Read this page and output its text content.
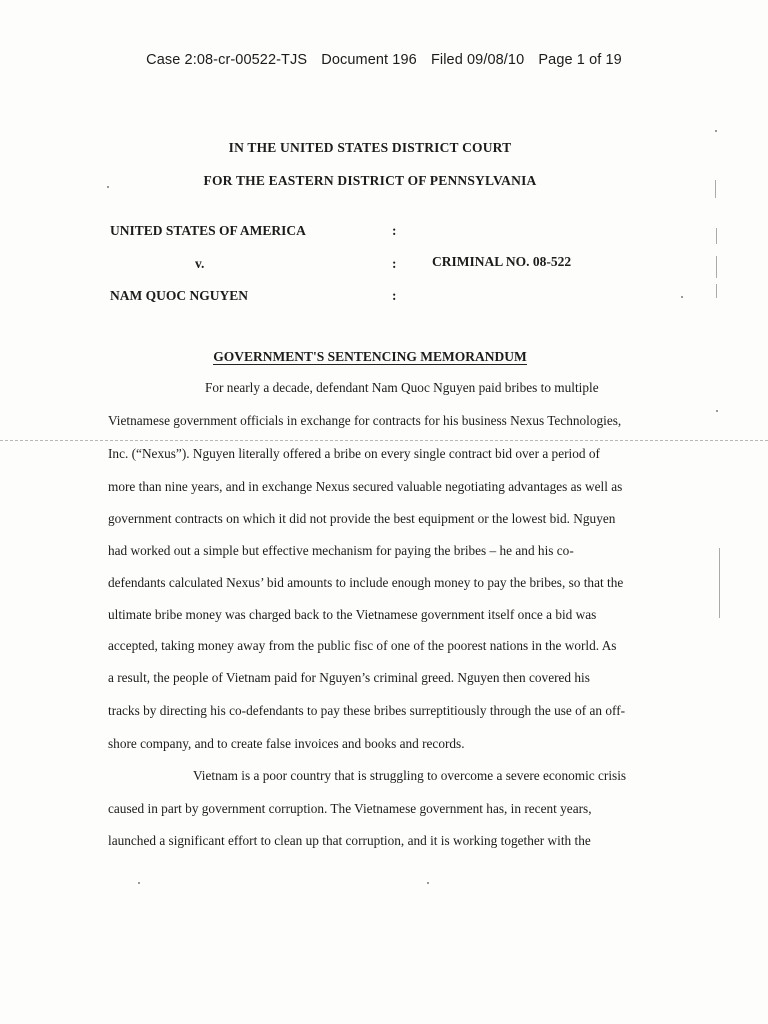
Case 2:08-cr-00522-TJS Document 196 Filed 09/08/10 Page 1 of 19
IN THE UNITED STATES DISTRICT COURT
FOR THE EASTERN DISTRICT OF PENNSYLVANIA
UNITED STATES OF AMERICA
v.
NAM QUOC NGUYEN
:
:
:
CRIMINAL NO. 08-522
GOVERNMENT'S SENTENCING MEMORANDUM
For nearly a decade, defendant Nam Quoc Nguyen paid bribes to multiple
Vietnamese government officials in exchange for contracts for his business Nexus Technologies,
Inc. (“Nexus”). Nguyen literally offered a bribe on every single contract bid over a period of
more than nine years, and in exchange Nexus secured valuable negotiating advantages as well as
government contracts on which it did not provide the best equipment or the lowest bid. Nguyen
had worked out a simple but effective mechanism for paying the bribes – he and his co-
defendants calculated Nexus’ bid amounts to include enough money to pay the bribes, so that the
ultimate bribe money was charged back to the Vietnamese government itself once a bid was
accepted, taking money away from the public fisc of one of the poorest nations in the world. As
a result, the people of Vietnam paid for Nguyen’s criminal greed. Nguyen then covered his
tracks by directing his co-defendants to pay these bribes surreptitiously through the use of an off-
shore company, and to create false invoices and books and records.
Vietnam is a poor country that is struggling to overcome a severe economic crisis
caused in part by government corruption. The Vietnamese government has, in recent years,
launched a significant effort to clean up that corruption, and it is working together with the
